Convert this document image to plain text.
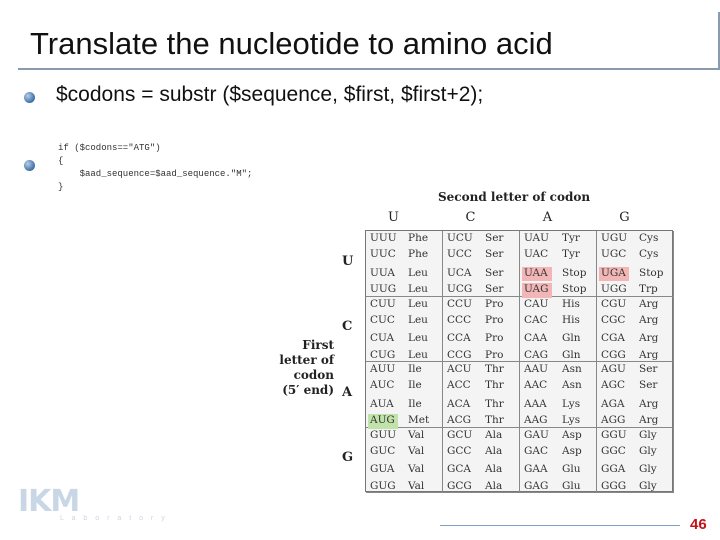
Translate the nucleotide to amino acid
$codons = substr ($sequence, $first, $first+2);
if ($codons=="ATG")
{
$aad_sequence=$aad_sequence."M";
}
Second letter of codon
U	C	A	G
First
letter of
codon
(5′ end)
U
C
A
G
UUU Phe UCU Ser UAU Tyr UGU Cys
UUC Phe UCC Ser UAC Tyr UGC Cys
UUA Leu UCA Ser UAA Stop UGA Stop
UUG Leu UCG Ser UAG Stop UGG Trp
CUU Leu CCU Pro CAU His CGU Arg
CUC Leu CCC Pro CAC His CGC Arg
CUA Leu CCA Pro CAA Gln CGA Arg
CUG Leu CCG Pro CAG Gln CGG Arg
AUU Ile ACU Thr AAU Asn AGU Ser
AUC Ile ACC Thr AAC Asn AGC Ser
AUA Ile ACA Thr AAA Lys AGA Arg
AUG Met ACG Thr AAG Lys AGG Arg
GUU Val GCU Ala GAU Asp GGU Gly
GUC Val GCC Ala GAC Asp GGC Gly
GUA Val GCA Ala GAA Glu GGA Gly
GUG Val GCG Ala GAG Glu GGG Gly
IKM
L a b o r a t o r y	46
